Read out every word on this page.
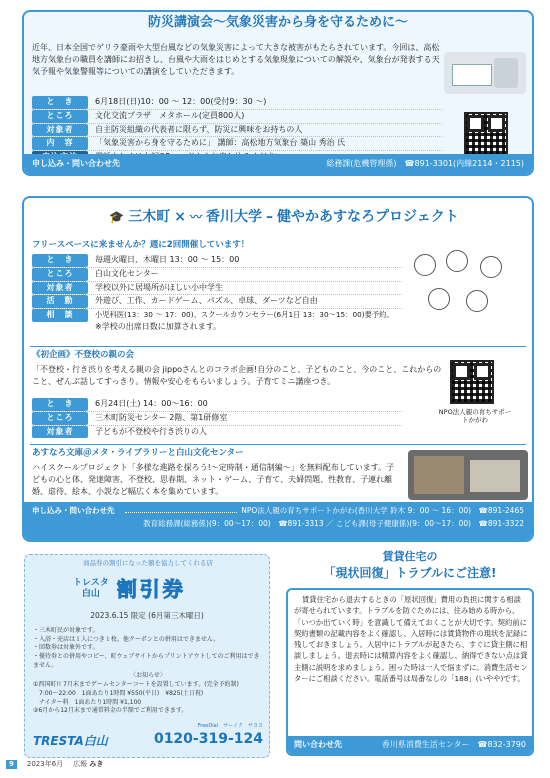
防災講演会〜気象災害から身を守るために〜

近年、日本全国でゲリラ豪雨や大型台風などの気象災害によって大きな被害がもたらされています。今回は、高松地方気象台の職員を講師にお招きし、台風や大雨をはじめとする気象現象についての解説や、気象台が発表する天気予報や気象警報等についての講演をしていただきます。

と　き	6月18日(日)10：00 〜 12：00(受付9：30 〜)
ところ	文化交流プラザ　メタホール(定員800人)
対象者	自主防災組織の代表者に限らず、防災に興味をお持ちの人
内　容	「気象災害から身を守るために」 講師：高松地方気象台 築山 秀治 氏
申し込み・問い合わせ先	総務課(危機管理係)　☎891-3301(内線2114・2115)
🎓 三木町 × 〰 香川大学 – 健やかあすなろプロジェクト
フリースペースに来ませんか？週に2回開催しています！
と　き	毎週火曜日、木曜日 13：00 〜 15：00
ところ	白山文化センター
対象者	学校以外に居場所がほしい小中学生
活　動	外遊び、工作、カードゲーム、パズル、卓球、ダーツなど自由
相　談	小児科医(13：30 〜 17：00)、スクールカウンセラー(6月1日 13：30〜15：00)要予約。
※学校の出席日数に加算されます。
《初企画》不登校の親の会

「不登校・行き渋りを考える親の会 jippoさんとのコラボ企画!自分のこと、子どものこと、今のこと、これからのこと、ぜんぶ話してすっきり。情報や安心をもらいましょう。子育てミニ講座つき。

と　き	6月24日(土) 14：00〜16：00
ところ	三木町防災センター 2階、第1研修室
対象者	子どもが不登校や行き渋りの人
NPO法人親の育ちサポートかがわ
あすなろ文庫＠メタ・ライブラリーと白山文化センター

ハイスクールプロジェクト「多様な進路を探ろう!〜定時制・通信制編〜」を無料配布しています。子どもの心と体、発達障害、不登校、思春期、ネット・ゲーム、子育て、夫婦問題、性教育、子連れ離婚、虐待、絵本、小説など幅広く本を集めています。

申し込み・問い合わせ先	NPO法人親の育ちサポートかがわ(香川大学 鈴木 9：00 〜 16：00)　☎891-2465
教育総務課(総務係)(9：00〜17：00)　☎891-3313 ／ こども課(母子健康係)(9：00〜17：00)　☎891-3322
商品券の割引になった額を協力してくれる店
トレスタ
白山 割引券
2023.6.15 限定 (6月第三木曜日)

・三木町民が対象です。

・入浴・売店は１人につき１枚。他クーポンとの併用はできません。

・回数券は対象外です。

・優待券との併用やコピー、町ウェブサイトからプリントアウトしてのご利用はできません。

〈お知らせ〉

①西国町!! 7月末までゲームセンターコートを設置しています。(完全予約制)

7:00〜22:00　1面あたり1時間 ¥550(平日)　¥825(土日祝)

ナイター料　1面あたり1時間 ¥1,100

②6月から12月末まで通常料金の半額でご利用できます。

TRESTA白山
FreeDial　 サーイク　サヨヨ
0120-319-124
賃貸住宅の
「現状回復」トラブルにご注意!

賃貸住宅から退去するときの「原状回復」費用の負担に関する相談が寄せられています。トラブルを防ぐためには、住み始める時から、「いつか出ていく時」を意識して備えておくことが大切です。契約前に契約書類の記載内容をよく確認し、入居時には賃貸物件の現状を記録に残しておきましょう。入居中にトラブルが起きたら、すぐに貸主側に相談しましょう。退去時には精算内容をよく確認し、納得できない点は貸主側に説明を求めましょう。困った時は一人で悩まずに、消費生活センターにご相談ください。電話番号は局番なしの「188」(いやや)です。

問い合わせ先	香川県消費生活センター　☎832-3790
9	2023年6月 広報 みき
